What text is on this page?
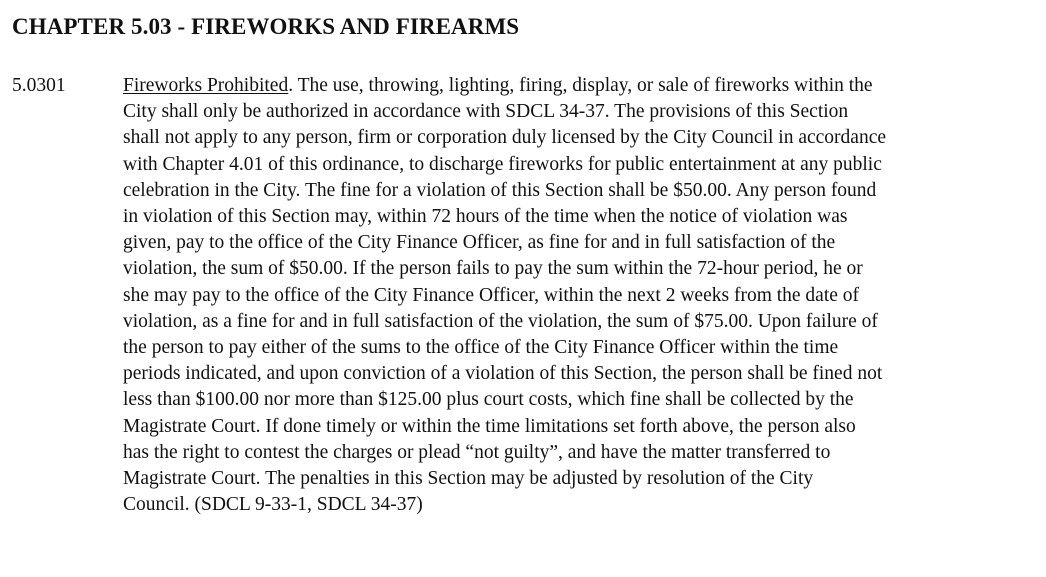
CHAPTER 5.03 - FIREWORKS AND FIREARMS
5.0301	Fireworks Prohibited. The use, throwing, lighting, firing, display, or sale of fireworks within the
City shall only be authorized in accordance with SDCL 34-37. The provisions of this Section
shall not apply to any person, firm or corporation duly licensed by the City Council in accordance
with Chapter 4.01 of this ordinance, to discharge fireworks for public entertainment at any public
celebration in the City. The fine for a violation of this Section shall be $50.00. Any person found
in violation of this Section may, within 72 hours of the time when the notice of violation was
given, pay to the office of the City Finance Officer, as fine for and in full satisfaction of the
violation, the sum of $50.00. If the person fails to pay the sum within the 72-hour period, he or
she may pay to the office of the City Finance Officer, within the next 2 weeks from the date of
violation, as a fine for and in full satisfaction of the violation, the sum of $75.00. Upon failure of
the person to pay either of the sums to the office of the City Finance Officer within the time
periods indicated, and upon conviction of a violation of this Section, the person shall be fined not
less than $100.00 nor more than $125.00 plus court costs, which fine shall be collected by the
Magistrate Court. If done timely or within the time limitations set forth above, the person also
has the right to contest the charges or plead “not guilty”, and have the matter transferred to
Magistrate Court. The penalties in this Section may be adjusted by resolution of the City
Council. (SDCL 9-33-1, SDCL 34-37)
